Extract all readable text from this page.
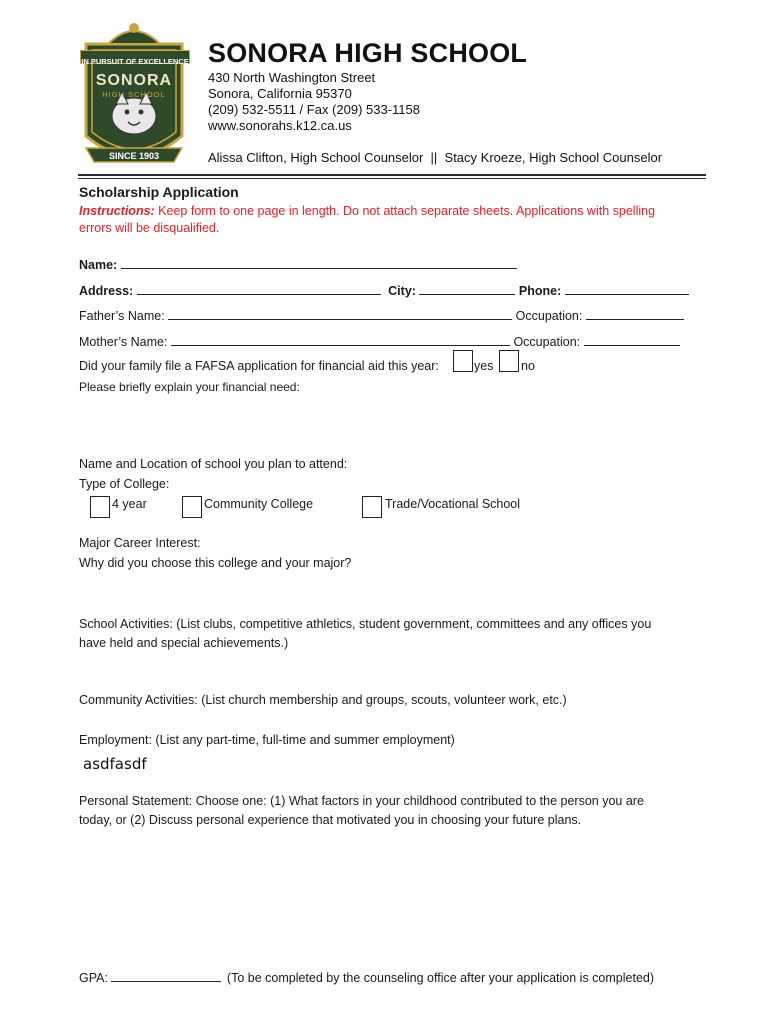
IN PURSUIT OF EXCELLENCE
SONORA
HIGH SCHOOL
SINCE 1903
SONORA HIGH SCHOOL
430 North Washington Street
Sonora, California 95370
(209) 532-5511 / Fax (209) 533-1158
www.sonorahs.k12.ca.us
Alissa Clifton, High School Counselor  ||  Stacy Kroeze, High School Counselor
Scholarship Application
Instructions: Keep form to one page in length. Do not attach separate sheets. Applications with spelling
errors will be disqualified.
Name:
Address:	City:	Phone:
Father’s Name:	Occupation:
Mother’s Name:	Occupation:
Did your family file a FAFSA application for financial aid this year:	yes no
Please briefly explain your financial need:
Name and Location of school you plan to attend:
Type of College:
4 year	Community College	Trade/Vocational School
Major Career Interest:
Why did you choose this college and your major?
School Activities: (List clubs, competitive athletics, student government, committees and any offices you
have held and special achievements.)
Community Activities: (List church membership and groups, scouts, volunteer work, etc.)
Employment: (List any part-time, full-time and summer employment)
asdfasdf
Personal Statement: Choose one: (1) What factors in your childhood contributed to the person you are
today, or (2) Discuss personal experience that motivated you in choosing your future plans.
GPA:	(To be completed by the counseling office after your application is completed)
